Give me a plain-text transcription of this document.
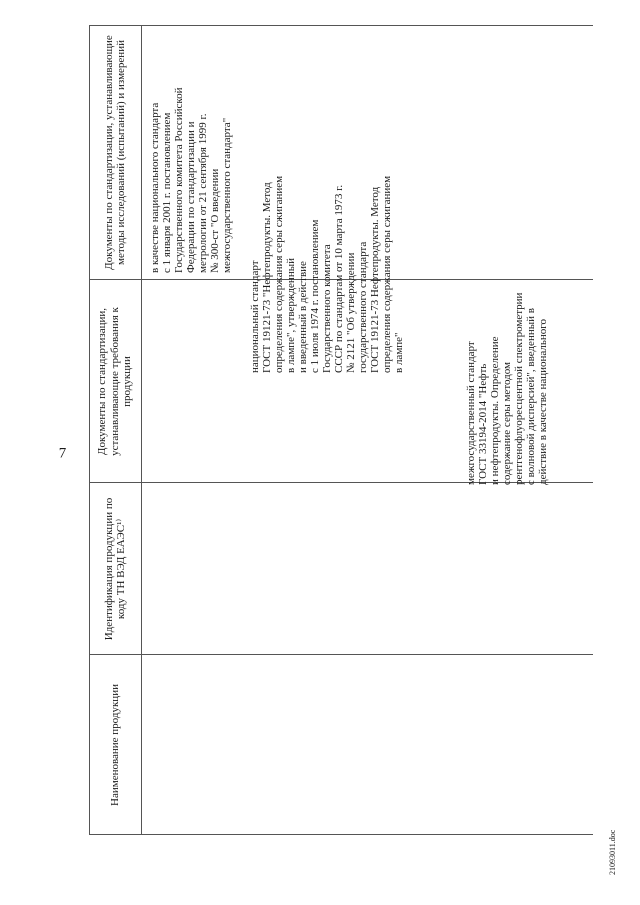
7
Наименование продукции
Идентификация продукции по коду ТН ВЭД ЕАЭС¹⁾
Документы по стандартизации, устанавливающие требования к продукции
Документы по стандартизации, устанавливающие методы исследований (испытаний) и измерений
в качестве национального стандарта
с 1 января 2001 г. постановлением
Государственного комитета Российской
Федерации по стандартизации и
метрологии от 21 сентября 1999 г.
№ 300-ст "О введении
межгосударственного стандарта"
национальный стандарт
ГОСТ 19121-73 "Нефтепродукты. Метод
определения содержания серы сжиганием
в лампе", утвержденный
и введенный в действие
с 1 июля 1974 г. постановлением
Государственного комитета
СССР по стандартам от 10 марта 1973 г.
№ 2121 "Об утверждении
государственного стандарта
ГОСТ 19121-73 Нефтепродукты. Метод
определения содержания серы сжиганием
в лампе"
межгосударственный стандарт
ГОСТ 33194-2014 "Нефть
и нефтепродукты. Определение
содержание серы методом
рентгенофлуоресцентной спектрометрии
с волновой дисперсией", введенный в
действие в качестве национального
21093011.doc
